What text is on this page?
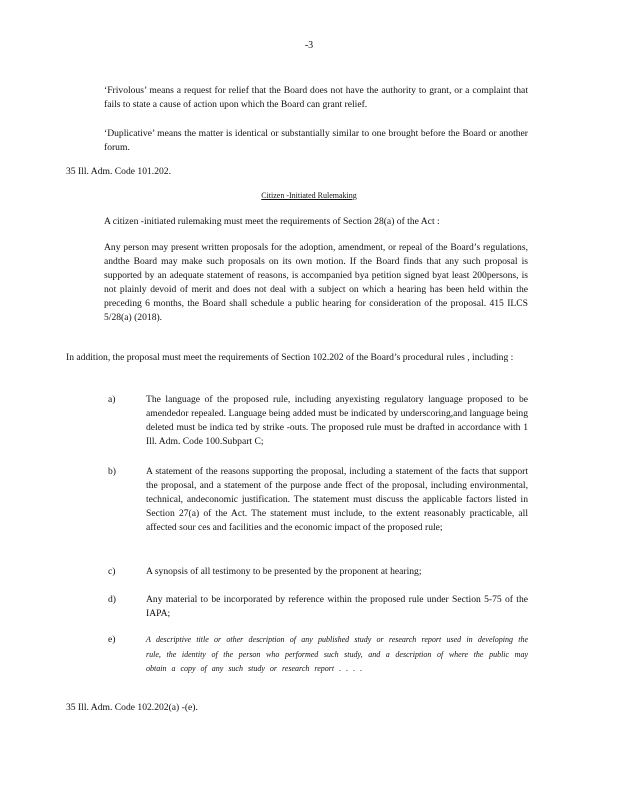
-3
‘Frivolous’ means a request for relief that the Board does not have the authority to grant, or a complaint that fails to state a cause of action upon which the Board can grant relief.
‘Duplicative’ means the matter is identical or substantially similar to one brought before the Board or another forum.
35 Ill. Adm. Code 101.202.
Citizen -Initiated Rulemaking
A citizen -initiated rulemaking must meet the requirements of Section 28(a) of the Act :
Any person may present written proposals for the adoption, amendment, or repeal of the Board’s regulations, andthe Board may make such proposals on its own motion. If the Board finds that any such proposal is supported by an adequate statement of reasons, is accompanied bya petition signed byat least 200persons, is not plainly devoid of merit and does not deal with a subject on which a hearing has been held within the preceding 6 months, the Board shall schedule a public hearing for consideration of the proposal. 415 ILCS 5/28(a) (2018).
In addition, the proposal must meet the requirements of Section 102.202 of the Board’s procedural rules , including :
a)	The language of the proposed rule, including anyexisting regulatory language proposed to be amendedor repealed. Language being added must be indicated by underscoring,and language being deleted must be indica ted by strike -outs. The proposed rule must be drafted in accordance with 1 Ill. Adm. Code 100.Subpart C;
b)	A statement of the reasons supporting the proposal, including a statement of the facts that support the proposal, and a statement of the purpose ande ffect of the proposal, including environmental, technical, andeconomic justification. The statement must discuss the applicable factors listed in Section 27(a) of the Act. The statement must include, to the extent reasonably practicable, all affected sour ces and facilities and the economic impact of the proposed rule;
c)	A synopsis of all testimony to be presented by the proponent at hearing;
d)	Any material to be incorporated by reference within the proposed rule under Section 5-75 of the IAPA;
e)	A descriptive title or other description of any published study or research report used in developing the rule, the identity of the person who performed such study, and a description of where the public may obtain a copy of any such study or research report . . . .
35 Ill. Adm. Code 102.202(a) -(e).
